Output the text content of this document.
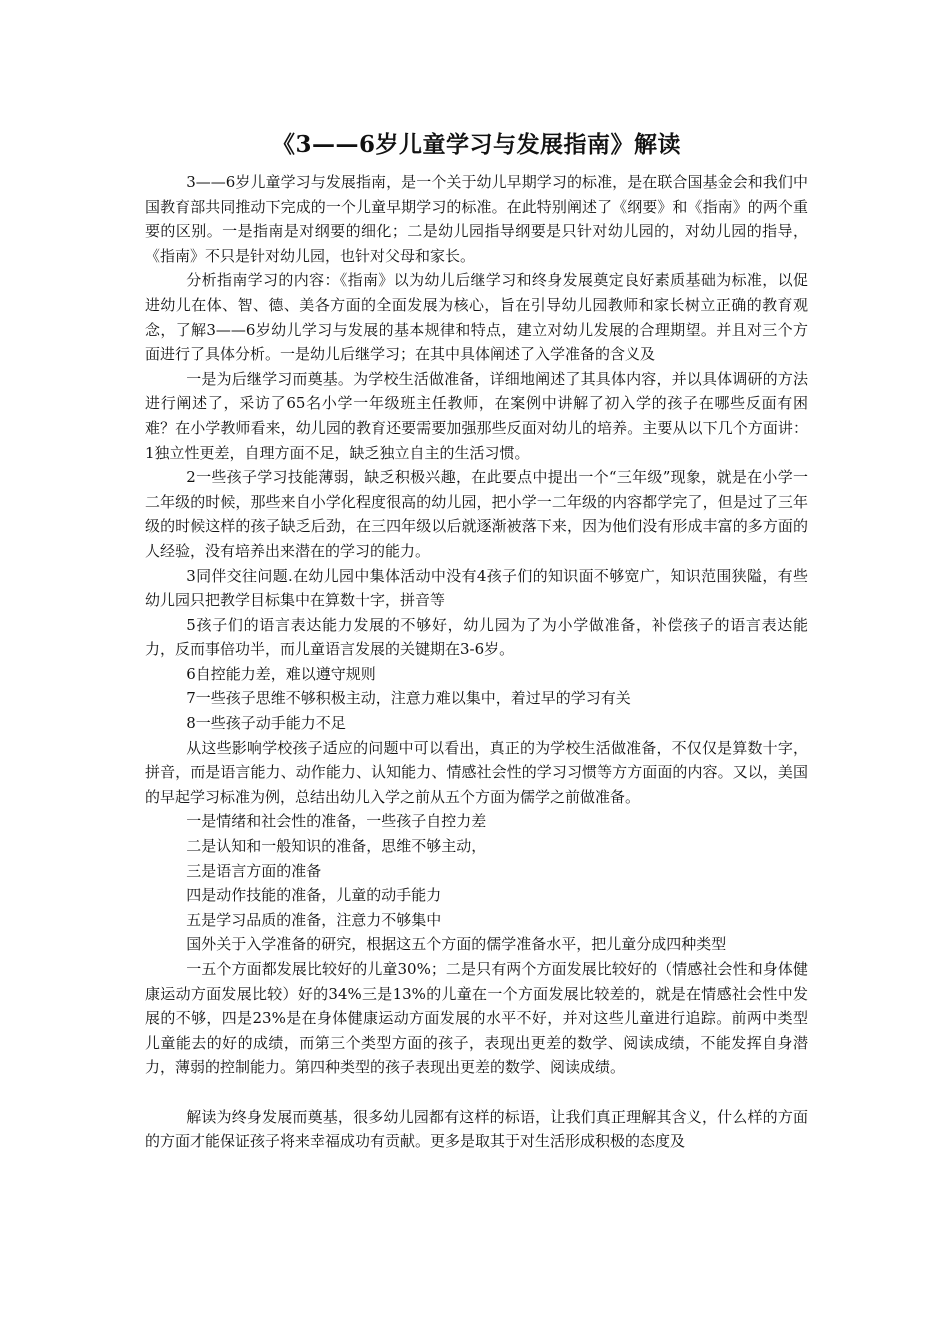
《3——6岁儿童学习与发展指南》解读

3——6岁儿童学习与发展指南，是一个关于幼儿早期学习的标准，是在联合国基金会和我们中国教育部共同推动下完成的一个儿童早期学习的标准。在此特别阐述了《纲要》和《指南》的两个重要的区别。一是指南是对纲要的细化；二是幼儿园指导纲要是只针对幼儿园的，对幼儿园的指导，《指南》不只是针对幼儿园，也针对父母和家长。

分析指南学习的内容：《指南》以为幼儿后继学习和终身发展奠定良好素质基础为标准，以促进幼儿在体、智、德、美各方面的全面发展为核心，旨在引导幼儿园教师和家长树立正确的教育观念，了解3——6岁幼儿学习与发展的基本规律和特点，建立对幼儿发展的合理期望。并且对三个方面进行了具体分析。一是幼儿后继学习；在其中具体阐述了入学准备的含义及

一是为后继学习而奠基。为学校生活做准备，详细地阐述了其具体内容，并以具体调研的方法进行阐述了，采访了65名小学一年级班主任教师，在案例中讲解了初入学的孩子在哪些反面有困难？在小学教师看来，幼儿园的教育还要需要加强那些反面对幼儿的培养。主要从以下几个方面讲：1独立性更差，自理方面不足，缺乏独立自主的生活习惯。

2一些孩子学习技能薄弱，缺乏积极兴趣，在此要点中提出一个“三年级”现象，就是在小学一二年级的时候，那些来自小学化程度很高的幼儿园，把小学一二年级的内容都学完了，但是过了三年级的时候这样的孩子缺乏后劲，在三四年级以后就逐渐被落下来，因为他们没有形成丰富的多方面的人经验，没有培养出来潜在的学习的能力。

3同伴交往问题.在幼儿园中集体活动中没有4孩子们的知识面不够宽广，知识范围狭隘，有些幼儿园只把教学目标集中在算数十字，拼音等

5孩子们的语言表达能力发展的不够好，幼儿园为了为小学做准备，补偿孩子的语言表达能力，反而事倍功半，而儿童语言发展的关键期在3-6岁。

6自控能力差，难以遵守规则

7一些孩子思维不够积极主动，注意力难以集中，着过早的学习有关

8一些孩子动手能力不足

从这些影响学校孩子适应的问题中可以看出，真正的为学校生活做准备，不仅仅是算数十字，拼音，而是语言能力、动作能力、认知能力、情感社会性的学习习惯等方方面面的内容。又以，美国的早起学习标准为例，总结出幼儿入学之前从五个方面为儒学之前做准备。

一是情绪和社会性的准备，一些孩子自控力差

二是认知和一般知识的准备，思维不够主动，

三是语言方面的准备

四是动作技能的准备，儿童的动手能力

五是学习品质的准备，注意力不够集中

国外关于入学准备的研究，根据这五个方面的儒学准备水平，把儿童分成四种类型

一五个方面都发展比较好的儿童30%；二是只有两个方面发展比较好的（情感社会性和身体健康运动方面发展比较）好的34%三是13%的儿童在一个方面发展比较差的，就是在情感社会性中发展的不够，四是23%是在身体健康运动方面发展的水平不好，并对这些儿童进行追踪。前两中类型儿童能去的好的成绩，而第三个类型方面的孩子，表现出更差的数学、阅读成绩，不能发挥自身潜力，薄弱的控制能力。第四种类型的孩子表现出更差的数学、阅读成绩。

解读为终身发展而奠基，很多幼儿园都有这样的标语，让我们真正理解其含义，什么样的方面的方面才能保证孩子将来幸福成功有贡献。更多是取其于对生活形成积极的态度及
